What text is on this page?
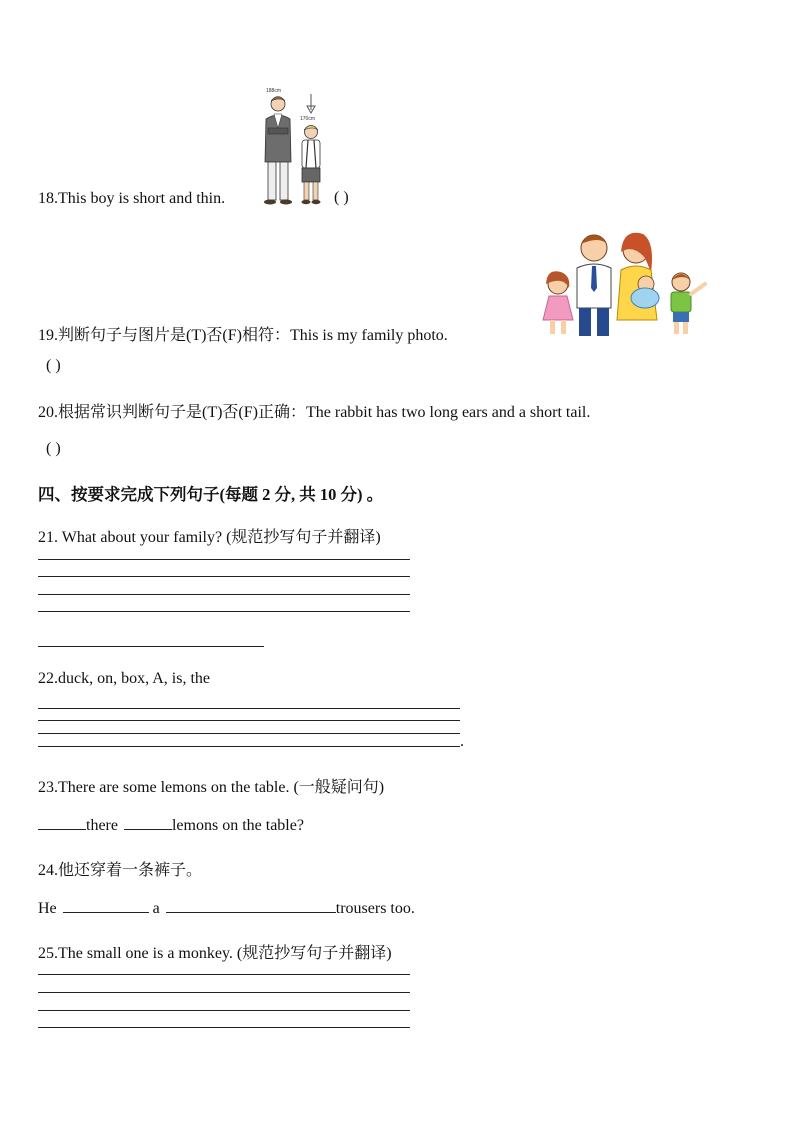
188cm
170cm
18.This boy is short and thin.	( )
19.判断句子与图片是(T)否(F)相符：This is my family photo.
( )
20.根据常识判断句子是(T)否(F)正确：The rabbit has two long ears and a short tail.
( )
四、按要求完成下列句子(每题 2 分, 共 10 分) 。
21. What about your family? (规范抄写句子并翻译)
22.duck, on, box, A, is, the
.
23.There are some lemons on the table. (一般疑问句)
there	lemons on the table?
24.他还穿着一条裤子。
He	a	trousers too.
25.The small one is a monkey. (规范抄写句子并翻译)
